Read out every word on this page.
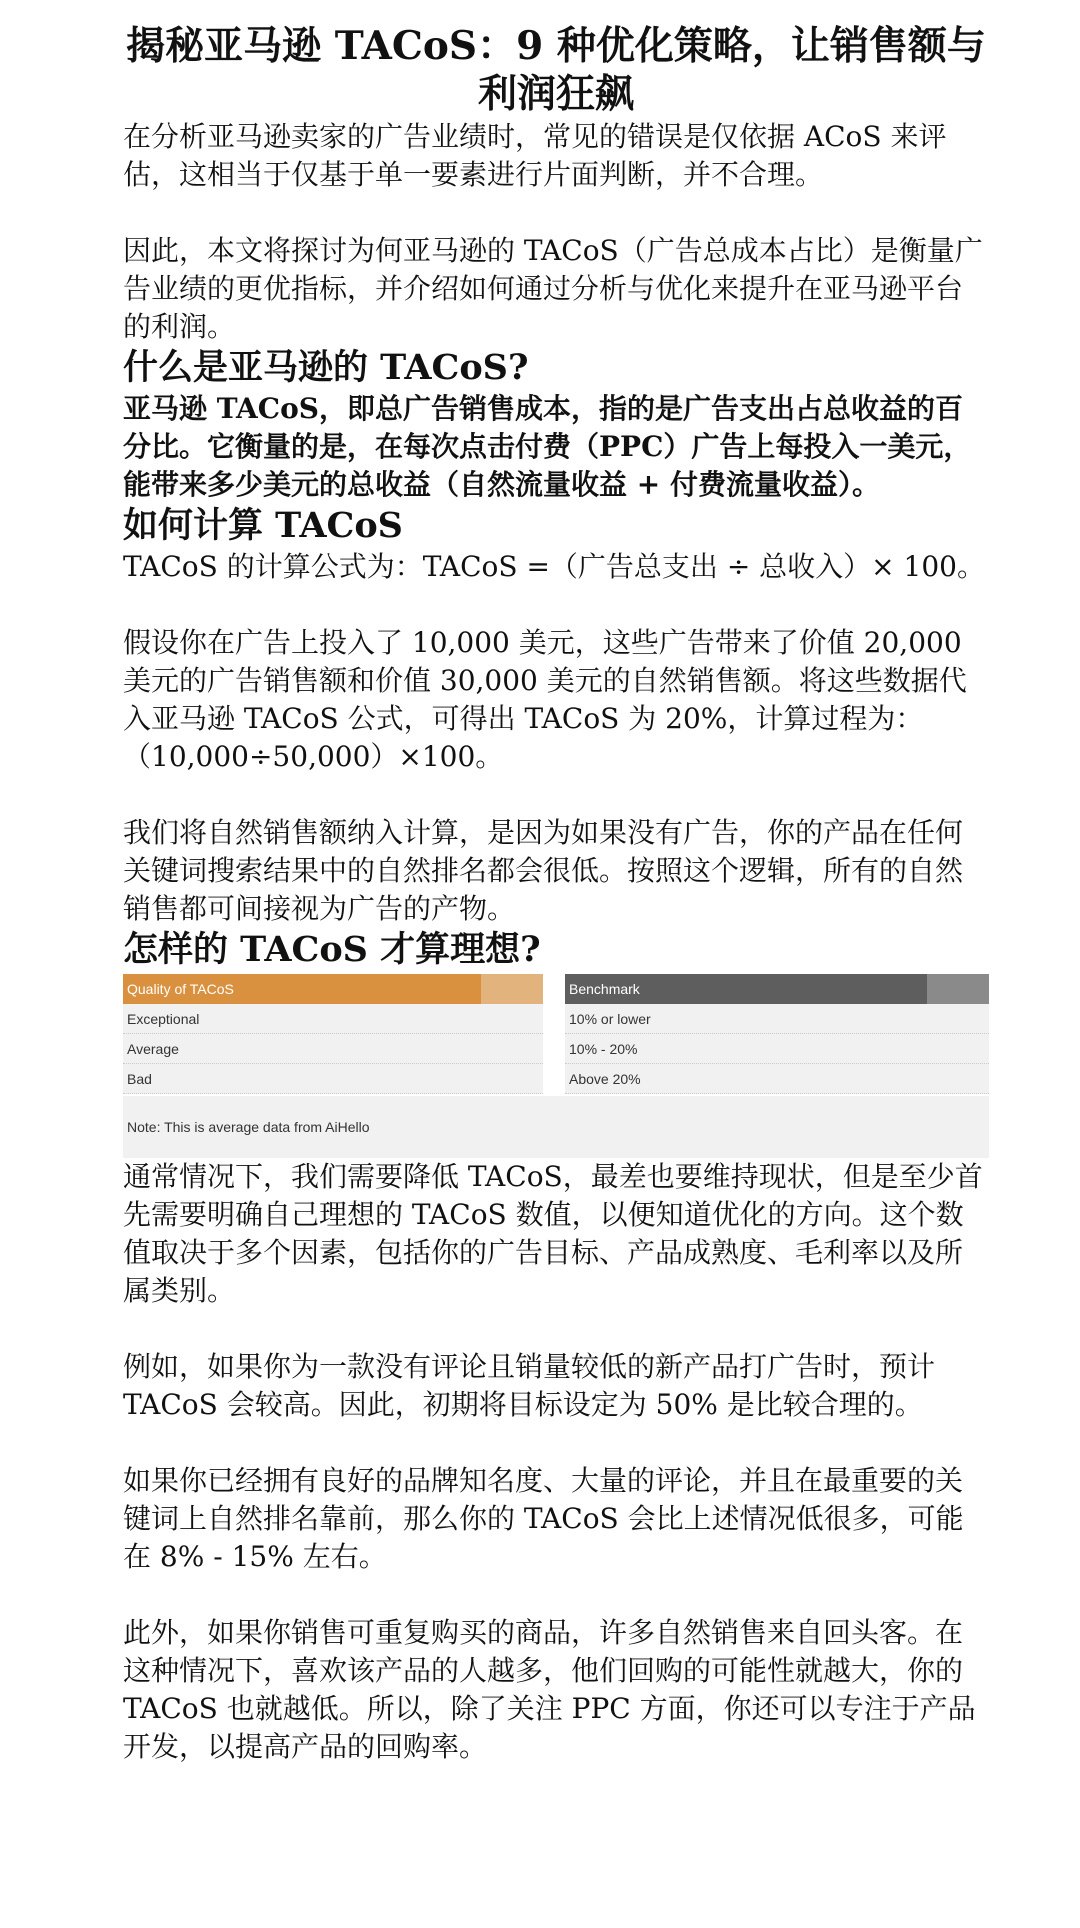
揭秘亚马逊 TACoS：9 种优化策略，让销售额与利润狂飙

在分析亚马逊卖家的广告业绩时，常见的错误是仅依据 ACoS 来评估，这相当于仅基于单一要素进行片面判断，并不合理。

因此，本文将探讨为何亚马逊的 TACoS（广告总成本占比）是衡量广告业绩的更优指标，并介绍如何通过分析与优化来提升在亚马逊平台的利润。

什么是亚马逊的 TACoS?

亚马逊 TACoS，即总广告销售成本，指的是广告支出占总收益的百分比。它衡量的是，在每次点击付费（PPC）广告上每投入一美元，能带来多少美元的总收益（自然流量收益 + 付费流量收益）。

如何计算 TACoS

TACoS 的计算公式为：TACoS =（广告总支出 ÷ 总收入）× 100。

假设你在广告上投入了 10,000 美元，这些广告带来了价值 20,000 美元的广告销售额和价值 30,000 美元的自然销售额。将这些数据代入亚马逊 TACoS 公式，可得出 TACoS 为 20%，计算过程为：（10,000÷50,000）×100。

我们将自然销售额纳入计算，是因为如果没有广告，你的产品在任何关键词搜索结果中的自然排名都会很低。按照这个逻辑，所有的自然销售都可间接视为广告的产物。

怎样的 TACoS 才算理想?
Quality of TACoS
Exceptional
Average
Bad
Benchmark
10% or lower
10% - 20%
Above 20%
Note: This is average data from AiHello

通常情况下，我们需要降低 TACoS，最差也要维持现状，但是至少首先需要明确自己理想的 TACoS 数值，以便知道优化的方向。这个数值取决于多个因素，包括你的广告目标、产品成熟度、毛利率以及所属类别。

例如，如果你为一款没有评论且销量较低的新产品打广告时，预计 TACoS 会较高。因此，初期将目标设定为 50% 是比较合理的。

如果你已经拥有良好的品牌知名度、大量的评论，并且在最重要的关键词上自然排名靠前，那么你的 TACoS 会比上述情况低很多，可能在 8% - 15% 左右。

此外，如果你销售可重复购买的商品，许多自然销售来自回头客。在这种情况下，喜欢该产品的人越多，他们回购的可能性就越大，你的 TACoS 也就越低。所以，除了关注 PPC 方面，你还可以专注于产品开发，以提高产品的回购率。
